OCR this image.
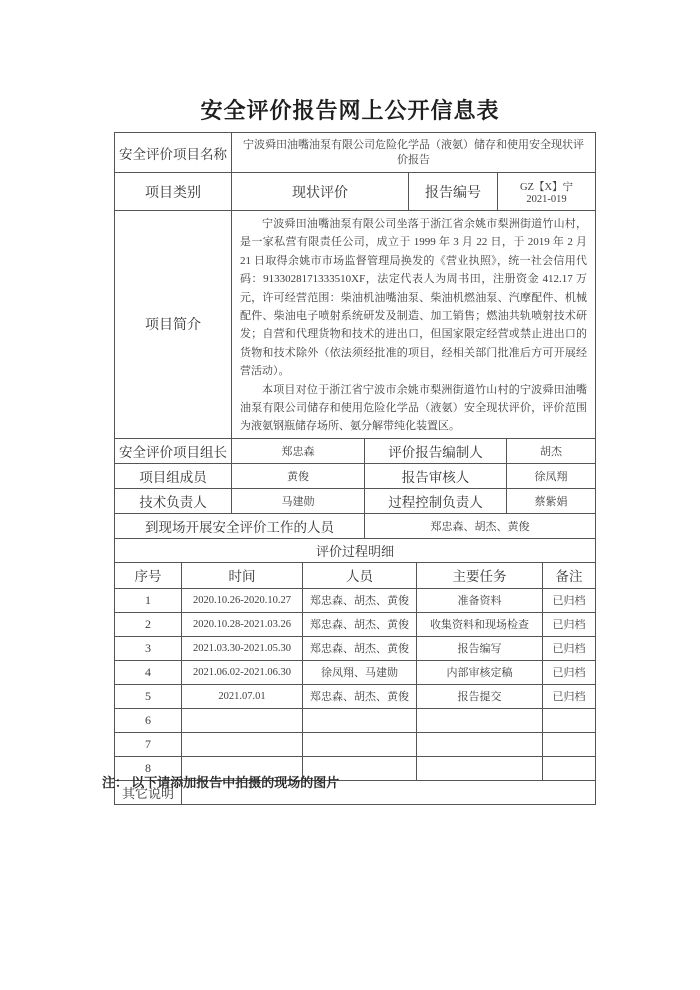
安全评价报告网上公开信息表
安全评价项目名称	宁波舜田油嘴油泵有限公司危险化学品（液氨）储存和使用安全现状评价报告		
项目类别	现状评价	报告编号	GZ【X】宁
2021-019

项目简介	宁波舜田油嘴油泵有限公司坐落于浙江省余姚市梨洲街道竹山村，是一家私营有限责任公司，成立于 1999 年 3 月 22 日，于 2019 年 2 月 21 日取得余姚市市场监督管理局换发的《营业执照》，统一社会信用代码：9133028171333510XF，法定代表人为周书田，注册资金 412.17 万元，许可经营范围：柴油机油嘴油泵、柴油机燃油泵、汽摩配件、机械配件、柴油电子喷射系统研发及制造、加工销售；燃油共轨喷射技术研发；自营和代理货物和技术的进出口，但国家限定经营或禁止进出口的货物和技术除外（依法须经批准的项目，经相关部门批准后方可开展经营活动）。

本项目对位于浙江省宁波市余姚市梨洲街道竹山村的宁波舜田油嘴油泵有限公司储存和使用危险化学品（液氨）安全现状评价，评价范围为液氨钢瓶储存场所、氨分解带纯化装置区。		

安全评价项目组长	郑忠森	评价报告编制人	胡杰
项目组成员	黄俊	报告审核人	徐凤翔
技术负责人	马建勋	过程控制负责人	蔡紫娟
到现场开展安全评价工作的人员		郑忠森、胡杰、黄俊	
评价过程明细				
序号	时间	人员	主要任务	备注
1	2020.10.26-2020.10.27	郑忠森、胡杰、黄俊	准备资料	已归档
2	2020.10.28-2021.03.26	郑忠森、胡杰、黄俊	收集资料和现场检查	已归档
3	2021.03.30-2021.05.30	郑忠森、胡杰、黄俊	报告编写	已归档
4	2021.06.02-2021.06.30	徐凤翔、马建勋	内部审核定稿	已归档
5	2021.07.01	郑忠森、胡杰、黄俊	报告提交	已归档
6				
7				
8				
其它说明				

注： 以下请添加报告中拍摄的现场的图片
